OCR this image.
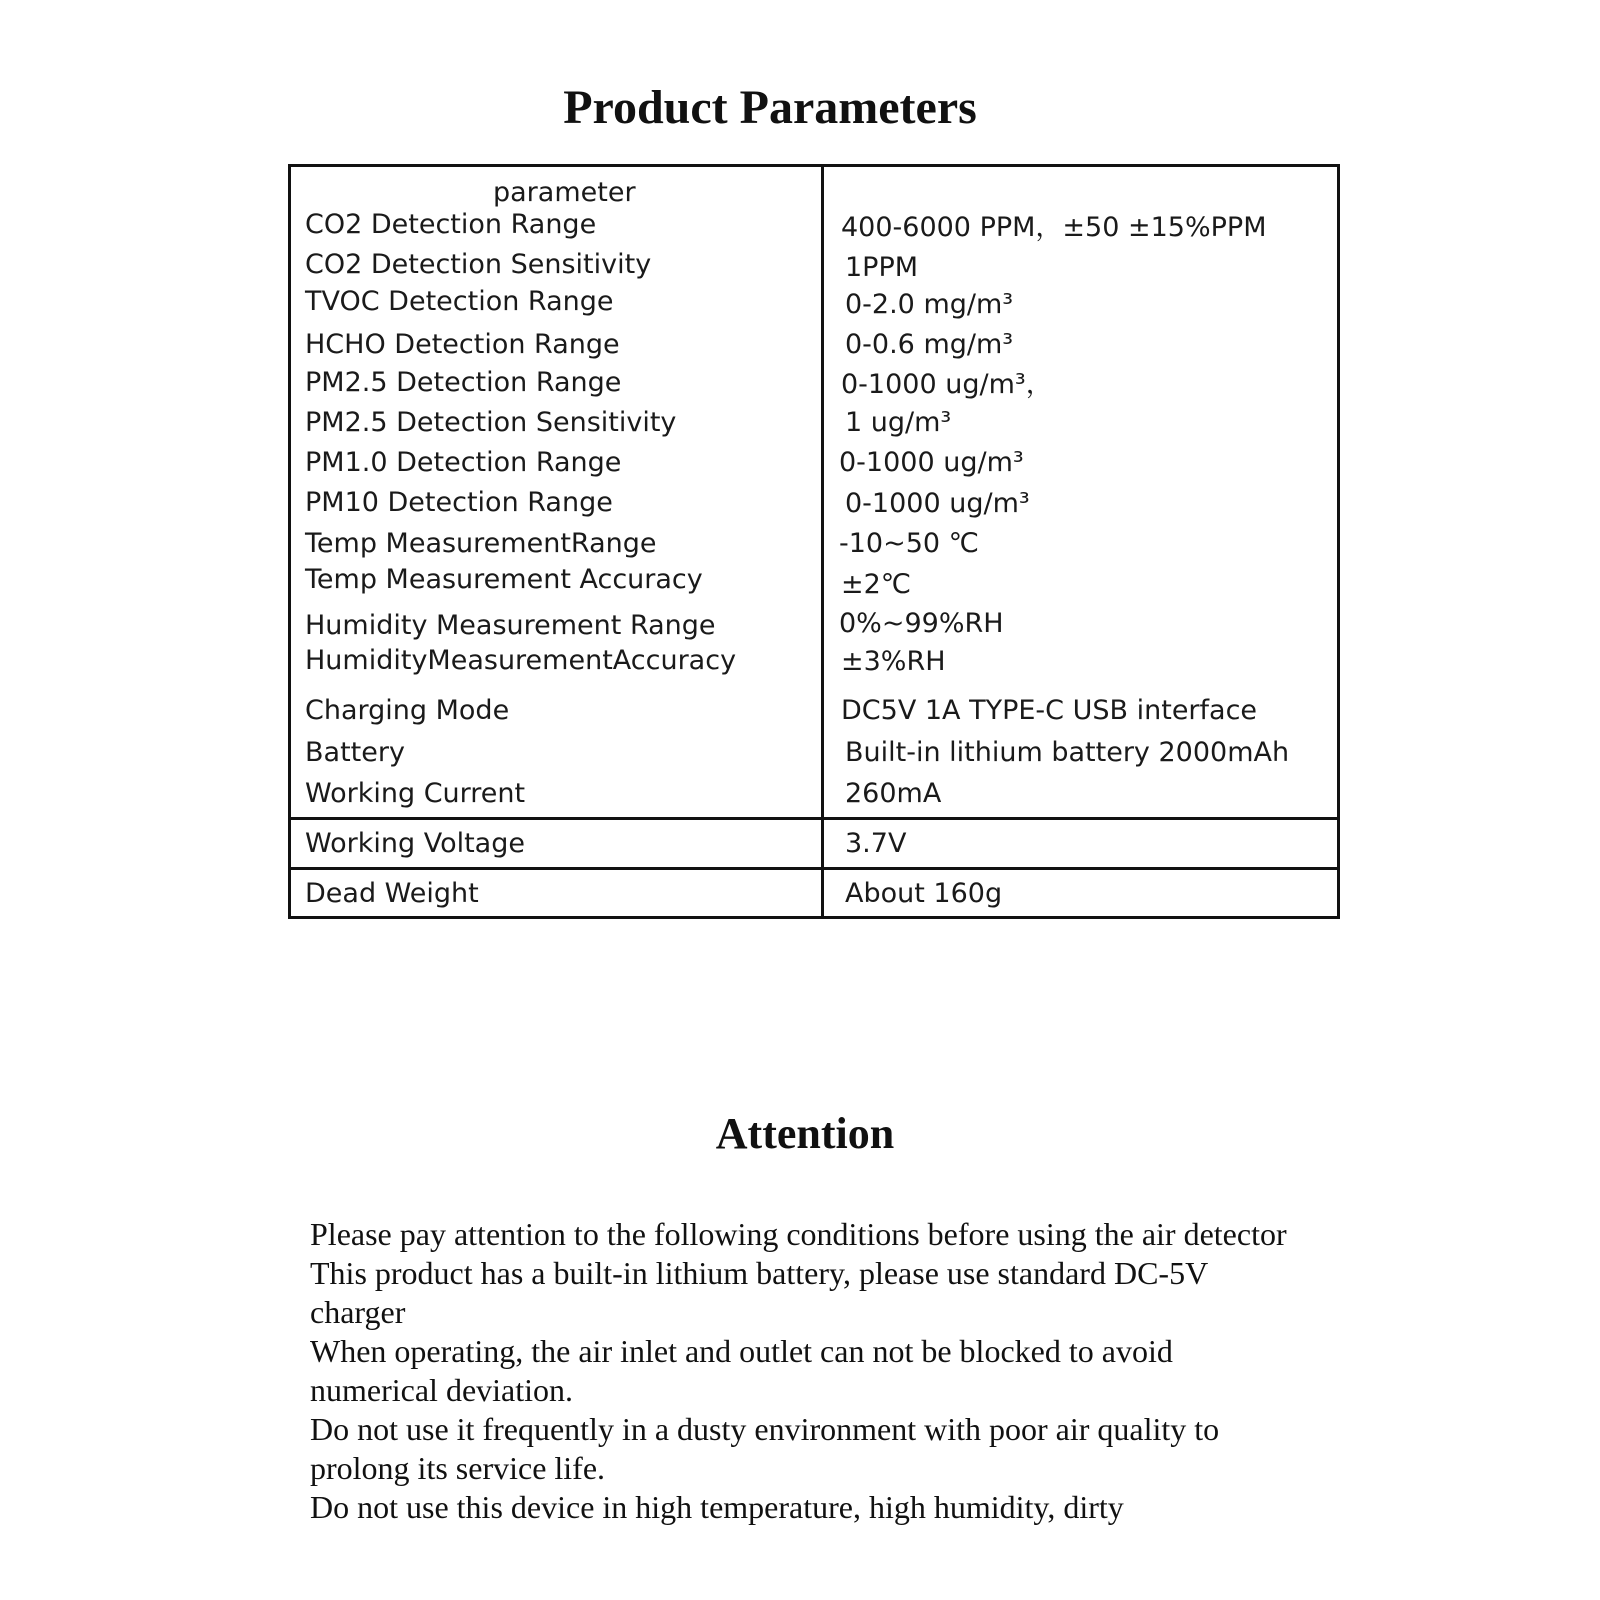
Product Parameters
parameter
CO2 Detection Range
CO2 Detection Sensitivity
TVOC Detection Range
HCHO Detection Range
PM2.5 Detection Range
PM2.5 Detection Sensitivity
PM1.0 Detection Range
PM10 Detection Range
Temp MeasurementRange
Temp Measurement Accuracy
Humidity Measurement Range
HumidityMeasurementAccuracy
Charging Mode
Battery
Working Current
Working Voltage
Dead Weight
400-6000 PPM，±50 ±15%PPM
1PPM
0-2.0 mg/m³
0-0.6 mg/m³
0-1000 ug/m³，
1 ug/m³
0-1000 ug/m³
0-1000 ug/m³
-10~50 ℃
±2℃
0%~99%RH
±3%RH
DC5V 1A TYPE-C USB interface
Built-in lithium battery 2000mAh
260mA
3.7V
About 160g
Attention

Please pay attention to the following conditions before using the air detector

This product has a built-in lithium battery, please use standard DC-5V

charger

When operating, the air inlet and outlet can not be blocked to avoid

numerical deviation.

Do not use it frequently in a dusty environment with poor air quality to

prolong its service life.

Do not use this device in high temperature, high humidity, dirty
